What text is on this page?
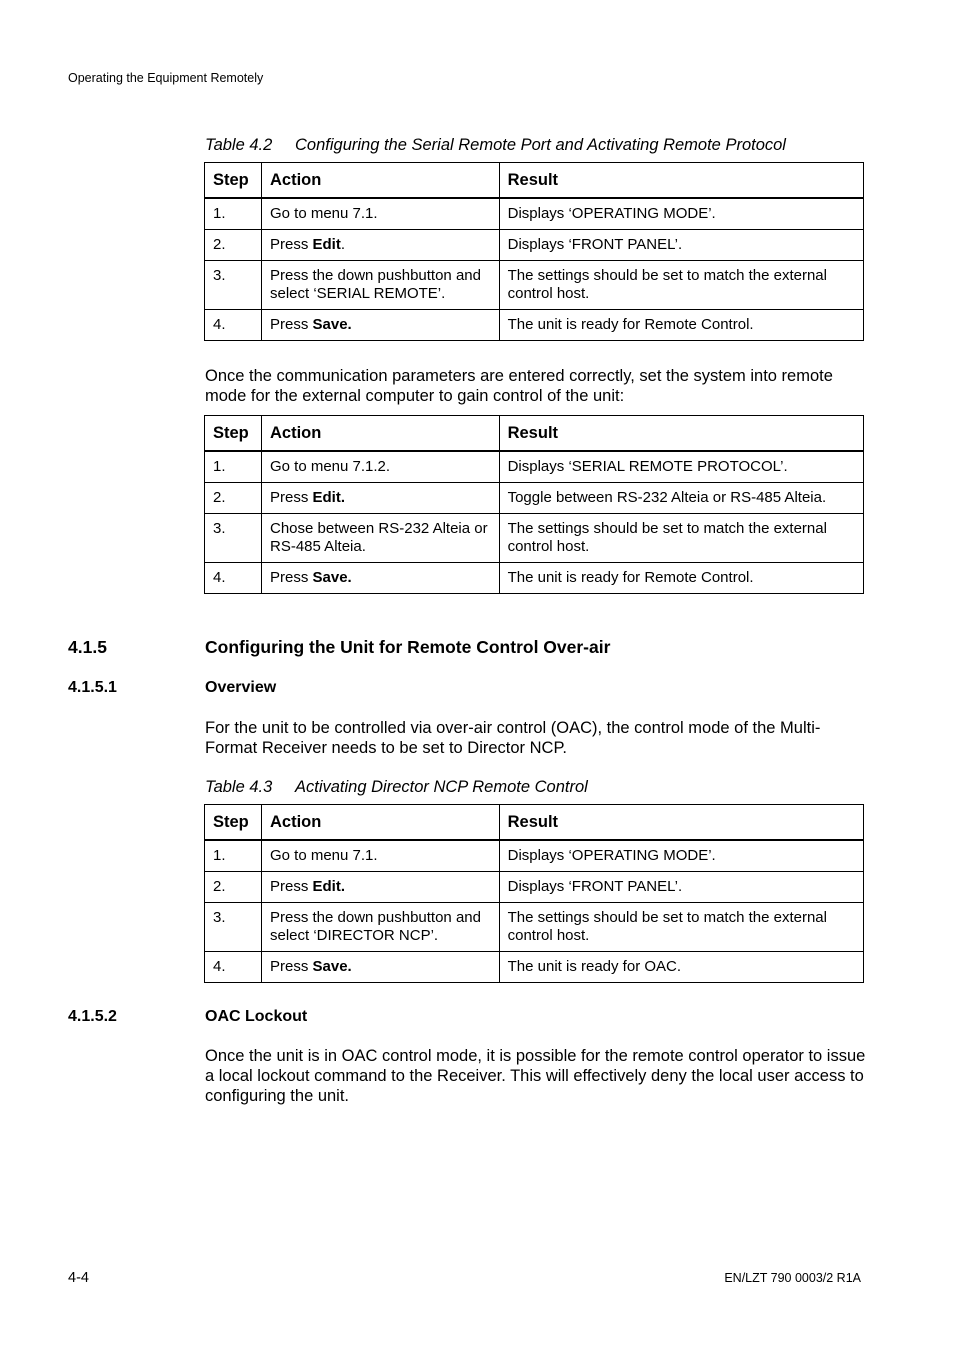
Operating the Equipment Remotely
Table 4.2 Configuring the Serial Remote Port and Activating Remote Protocol
Step	Action	Result
1.	Go to menu 7.1.	Displays ‘OPERATING MODE’.
2.	Press Edit.	Displays ‘FRONT PANEL’.
3.	Press the down pushbutton and select ‘SERIAL REMOTE’.	The settings should be set to match the external control host.
4.	Press Save.	The unit is ready for Remote Control.
Once the communication parameters are entered correctly, set the system into remote mode for the external computer to gain control of the unit:
Step	Action	Result
1.	Go to menu 7.1.2.	Displays ‘SERIAL REMOTE PROTOCOL’.
2.	Press Edit.	Toggle between RS-232 Alteia or RS-485 Alteia.
3.	Chose between RS-232 Alteia or RS-485 Alteia.	The settings should be set to match the external control host.
4.	Press Save.	The unit is ready for Remote Control.
4.1.5	Configuring the Unit for Remote Control Over-air
4.1.5.1	Overview
For the unit to be controlled via over-air control (OAC), the control mode of the Multi-Format Receiver needs to be set to Director NCP.
Table 4.3 Activating Director NCP Remote Control
Step	Action	Result
1.	Go to menu 7.1.	Displays ‘OPERATING MODE’.
2.	Press Edit.	Displays ‘FRONT PANEL’.
3.	Press the down pushbutton and select ‘DIRECTOR NCP’.	The settings should be set to match the external control host.
4.	Press Save.	The unit is ready for OAC.
4.1.5.2	OAC Lockout
Once the unit is in OAC control mode, it is possible for the remote control operator to issue a local lockout command to the Receiver. This will effectively deny the local user access to configuring the unit.
4-4	EN/LZT 790 0003/2 R1A
